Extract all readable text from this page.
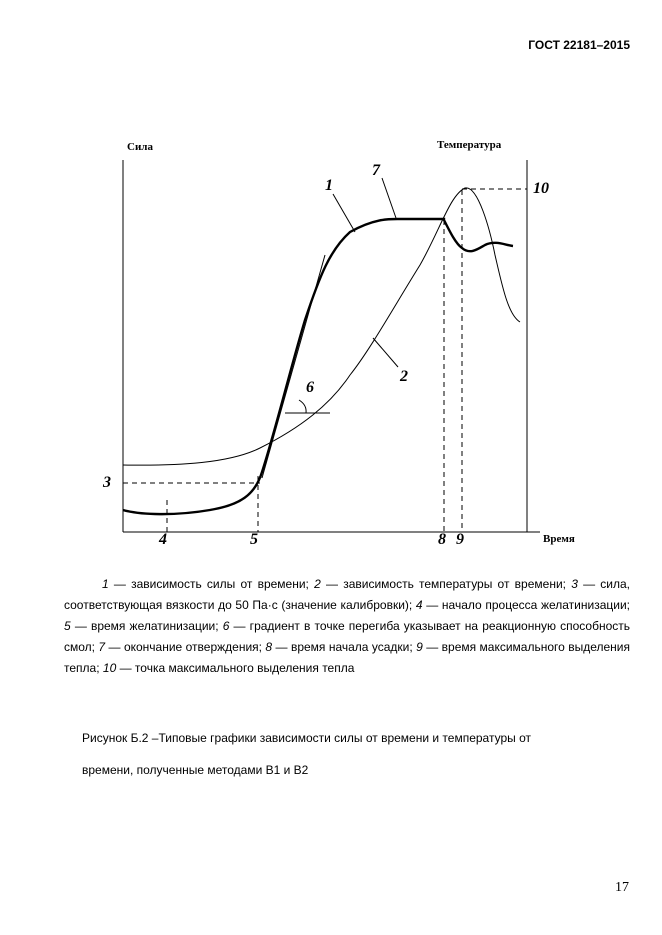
ГОСТ 22181–2015
Сила	Температура
Время
1
7
10
2
6
3
4	5	8 9
1 — зависимость силы от времени; 2 — зависимость температуры от времени; 3 — сила, соответствующая вязкости до 50 Па·с (значение калибровки); 4 — начало процесса желатинизации; 5 — время желатинизации; 6 — градиент в точке перегиба указывает на реакционную способность смол; 7 — окончание отверждения; 8 — время начала усадки; 9 — время максимального выделения тепла; 10 — точка максимального выделения тепла
Рисунок Б.2 –Типовые графики зависимости силы от времени и температуры от
времени, полученные методами В1 и В2
17
